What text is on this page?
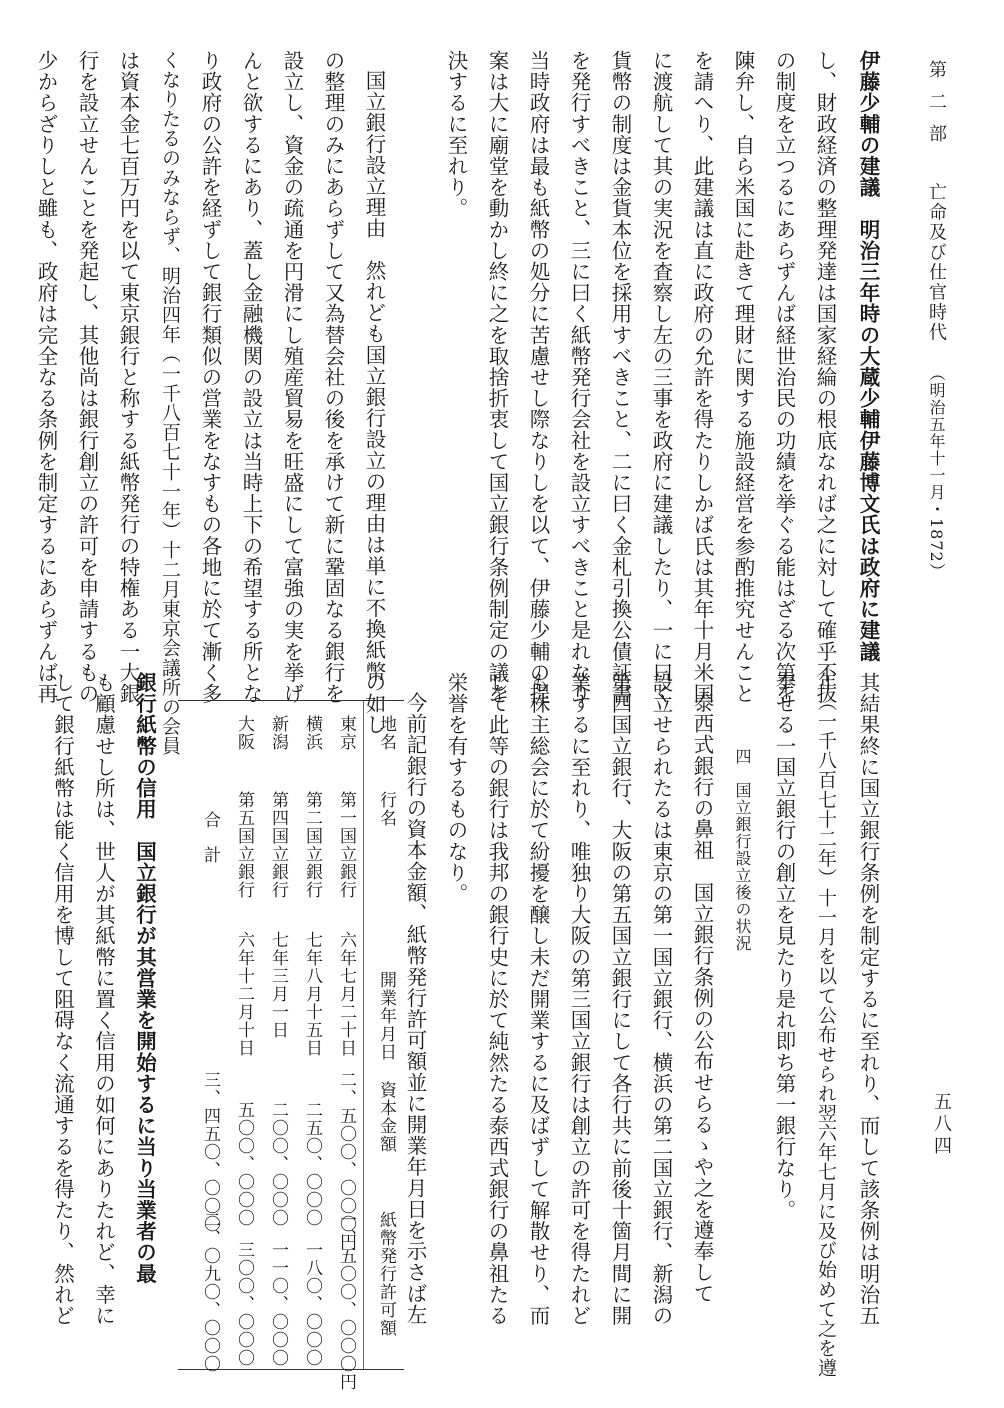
第二部 亡命及び仕官時代 （明治五年十一月・1872）
五八四
伊藤少輔の建議　明治三年時の大蔵少輔伊藤博文氏は政府に建議
し、財政経済の整理発達は国家経綸の根底なれば之に対して確乎不抜
の制度を立つるにあらずんば経世治民の功績を挙ぐる能はざる次第を
陳弁し、自ら米国に赴きて理財に関する施設経営を参酌推究せんこと
を請へり、此建議は直に政府の允許を得たりしかば氏は其年十月米国
に渡航して其の実況を査察し左の三事を政府に建議したり、一に曰く
貨幣の制度は金貨本位を採用すべきこと、二に曰く金札引換公債証書
を発行すべきこと、三に曰く紙幣発行会社を設立すべきこと是れなり
当時政府は最も紙幣の処分に苦慮せし際なりしを以て、伊藤少輔の提
案は大に廟堂を動かし終に之を取捨折衷して国立銀行条例制定の議を
決するに至れり。
国立銀行設立理由　然れども国立銀行設立の理由は単に不換紙幣
の整理のみにあらずして又為替会社の後を承けて新に鞏固なる銀行を
設立し、資金の疏通を円滑にし殖産貿易を旺盛にして富強の実を挙げ
んと欲するにあり、蓋し金融機関の設立は当時上下の希望する所とな
り政府の公許を経ずして銀行類似の営業をなすもの各地に於て漸く多
くなりたるのみならず、明治四年（一千八百七十一年）十二月東京会議所の会員
は資本金七百万円を以て東京銀行と称する紙幣発行の特権ある一大銀
行を設立せんことを発起し、其他尚は銀行創立の許可を申請するもの
少からざりしと雖も、政府は完全なる条例を制定するにあらずんば再
其結果終に国立銀行条例を制定するに至れり、而して該条例は明治五
年（一千八百七十二年）十一月を以て公布せられ翌六年七月に及び始めて之を遵
奉せる一国立銀行の創立を見たり是れ即ち第一銀行なり。
四　国立銀行設立後の状況
泰西式銀行の鼻祖　国立銀行条例の公布せらるゝや之を遵奉して
設立せられたるは東京の第一国立銀行、横浜の第二国立銀行、新潟の
第四国立銀行、大阪の第五国立銀行にして各行共に前後十箇月間に開
業するに至れり、唯独り大阪の第三国立銀行は創立の許可を得たれど
も株主総会に於て紛擾を醸し未だ開業するに及ばずして解散せり、而
して此等の銀行は我邦の銀行史に於て純然たる泰西式銀行の鼻祖たる
栄誉を有するものなり。
今前記銀行の資本金額、紙幣発行許可額並に開業年月日を示さば左
の如し
地名
行名
開業年月日
資本金額
紙幣発行許可額
東京
第一国立銀行
六年七月二十日
二、五〇〇、〇〇〇円
一、五〇〇、〇〇〇円
横浜
第二国立銀行
七年八月十五日
二五〇、〇〇〇
一八〇、〇〇〇
新潟
第四国立銀行
七年三月一日
二〇〇、〇〇〇
一一〇、〇〇〇
大阪
第五国立銀行
六年十二月十日
五〇〇、〇〇〇
三〇〇、〇〇〇
合計
三、四五〇、〇〇〇
二、〇九〇、〇〇〇
銀行紙幣の信用　国立銀行が其営業を開始するに当り当業者の最
も顧慮せし所は、世人が其紙幣に置く信用の如何にありたれど、幸に
して銀行紙幣は能く信用を博して阻碍なく流通するを得たり、然れど
